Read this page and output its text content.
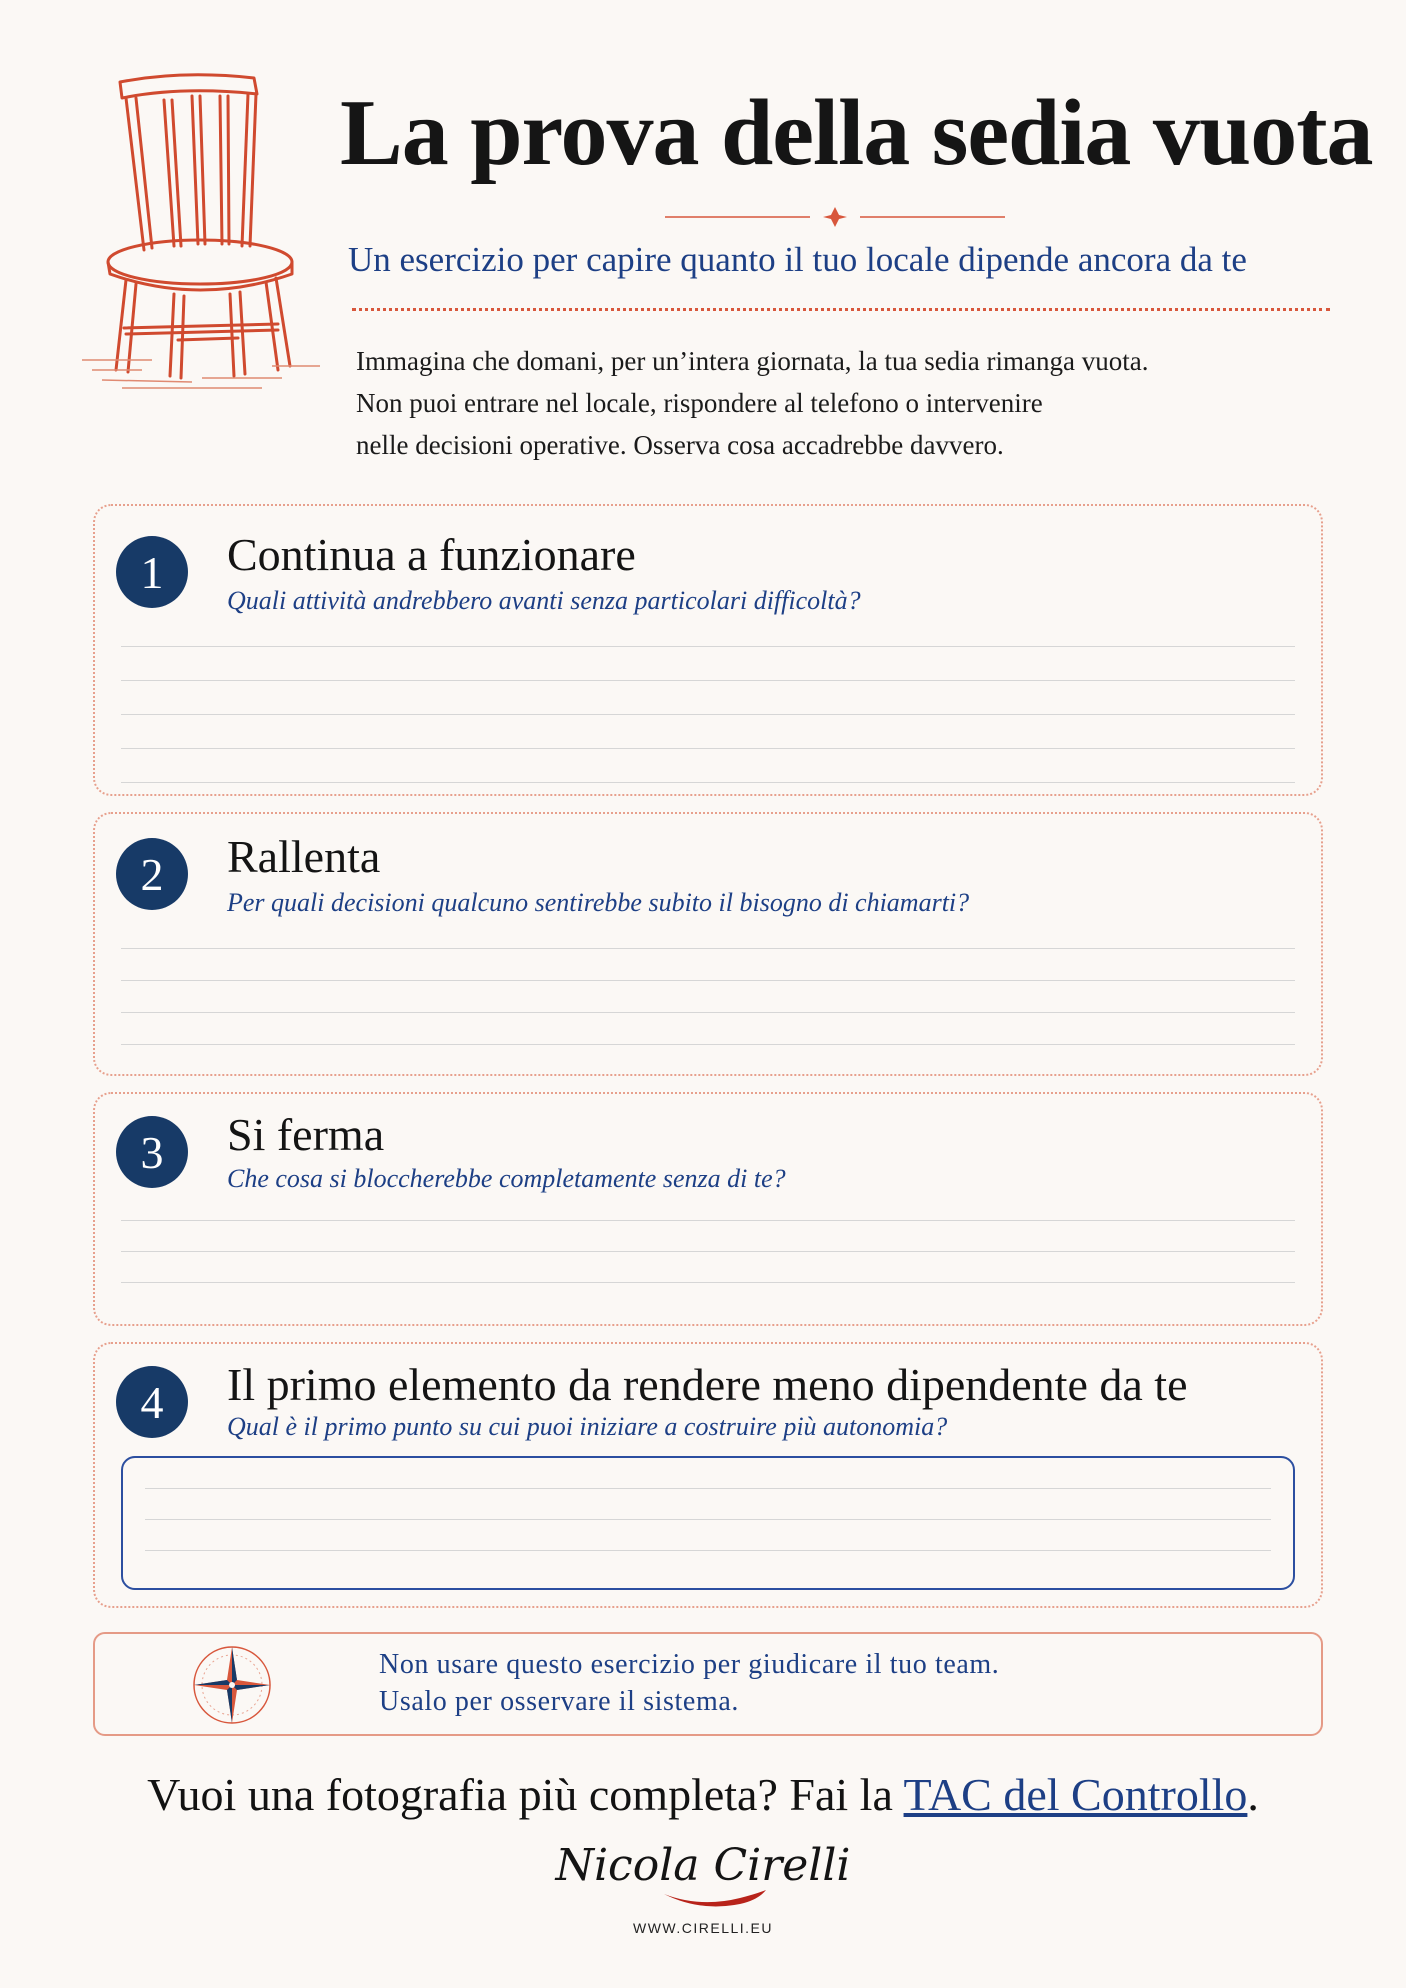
La prova della sedia vuota
Un esercizio per capire quanto il tuo locale dipende ancora da te

Immagina che domani, per un’intera giornata, la tua sedia rimanga vuota.

Non puoi entrare nel locale, rispondere al telefono o intervenire

nelle decisioni operative. Osserva cosa accadrebbe davvero.

1	Continua a funzionare
Quali attività andrebbero avanti senza particolari difficoltà?
2	Rallenta
Per quali decisioni qualcuno sentirebbe subito il bisogno di chiamarti?
3	Si ferma
Che cosa si bloccherebbe completamente senza di te?
4	Il primo elemento da rendere meno dipendente da te
Qual è il primo punto su cui puoi iniziare a costruire più autonomia?
Non usare questo esercizio per giudicare il tuo team.
Usalo per osservare il sistema.
Vuoi una fotografia più completa? Fai la TAC del Controllo.
Nicola Cirelli
WWW.CIRELLI.EU
